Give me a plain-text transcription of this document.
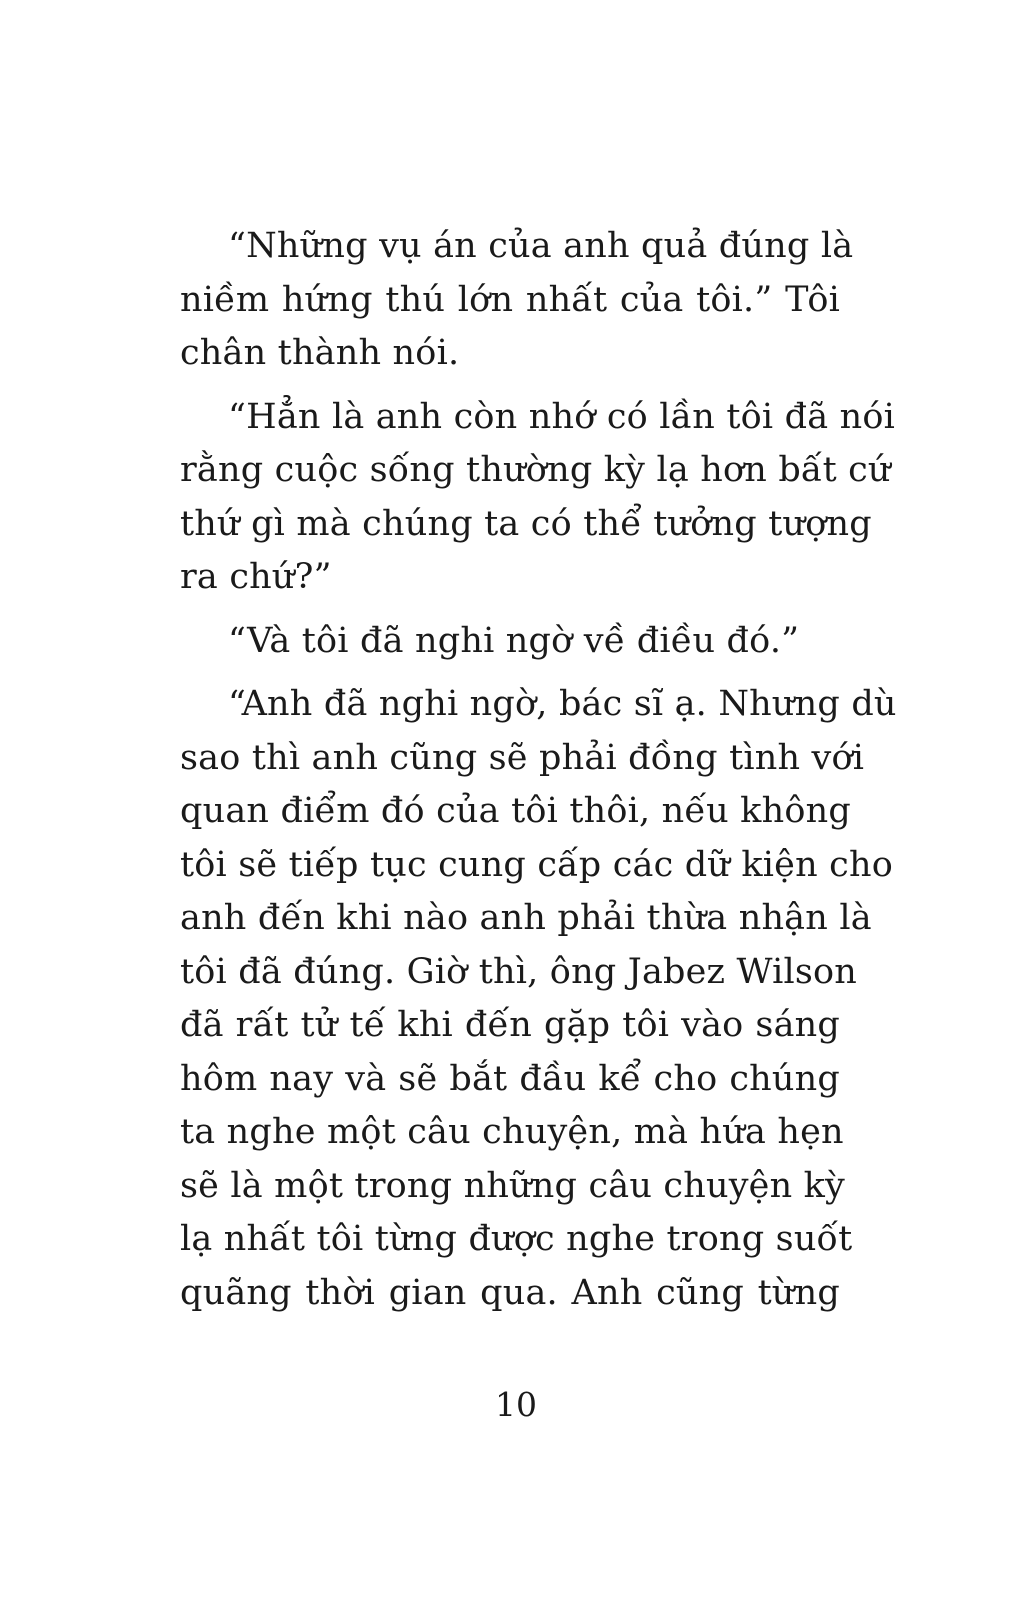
“Những vụ án của anh quả đúng là
niềm hứng thú lớn nhất của tôi.” Tôi
chân thành nói.

“Hẳn là anh còn nhớ có lần tôi đã nói
rằng cuộc sống thường kỳ lạ hơn bất cứ
thứ gì mà chúng ta có thể tưởng tượng
ra chứ?”

“Và tôi đã nghi ngờ về điều đó.”

“Anh đã nghi ngờ, bác sĩ ạ. Nhưng dù
sao thì anh cũng sẽ phải đồng tình với
quan điểm đó của tôi thôi, nếu không
tôi sẽ tiếp tục cung cấp các dữ kiện cho
anh đến khi nào anh phải thừa nhận là
tôi đã đúng. Giờ thì, ông Jabez Wilson
đã rất tử tế khi đến gặp tôi vào sáng
hôm nay và sẽ bắt đầu kể cho chúng
ta nghe một câu chuyện, mà hứa hẹn
sẽ là một trong những câu chuyện kỳ
lạ nhất tôi từng được nghe trong suốt
quãng thời gian qua. Anh cũng từng

10
